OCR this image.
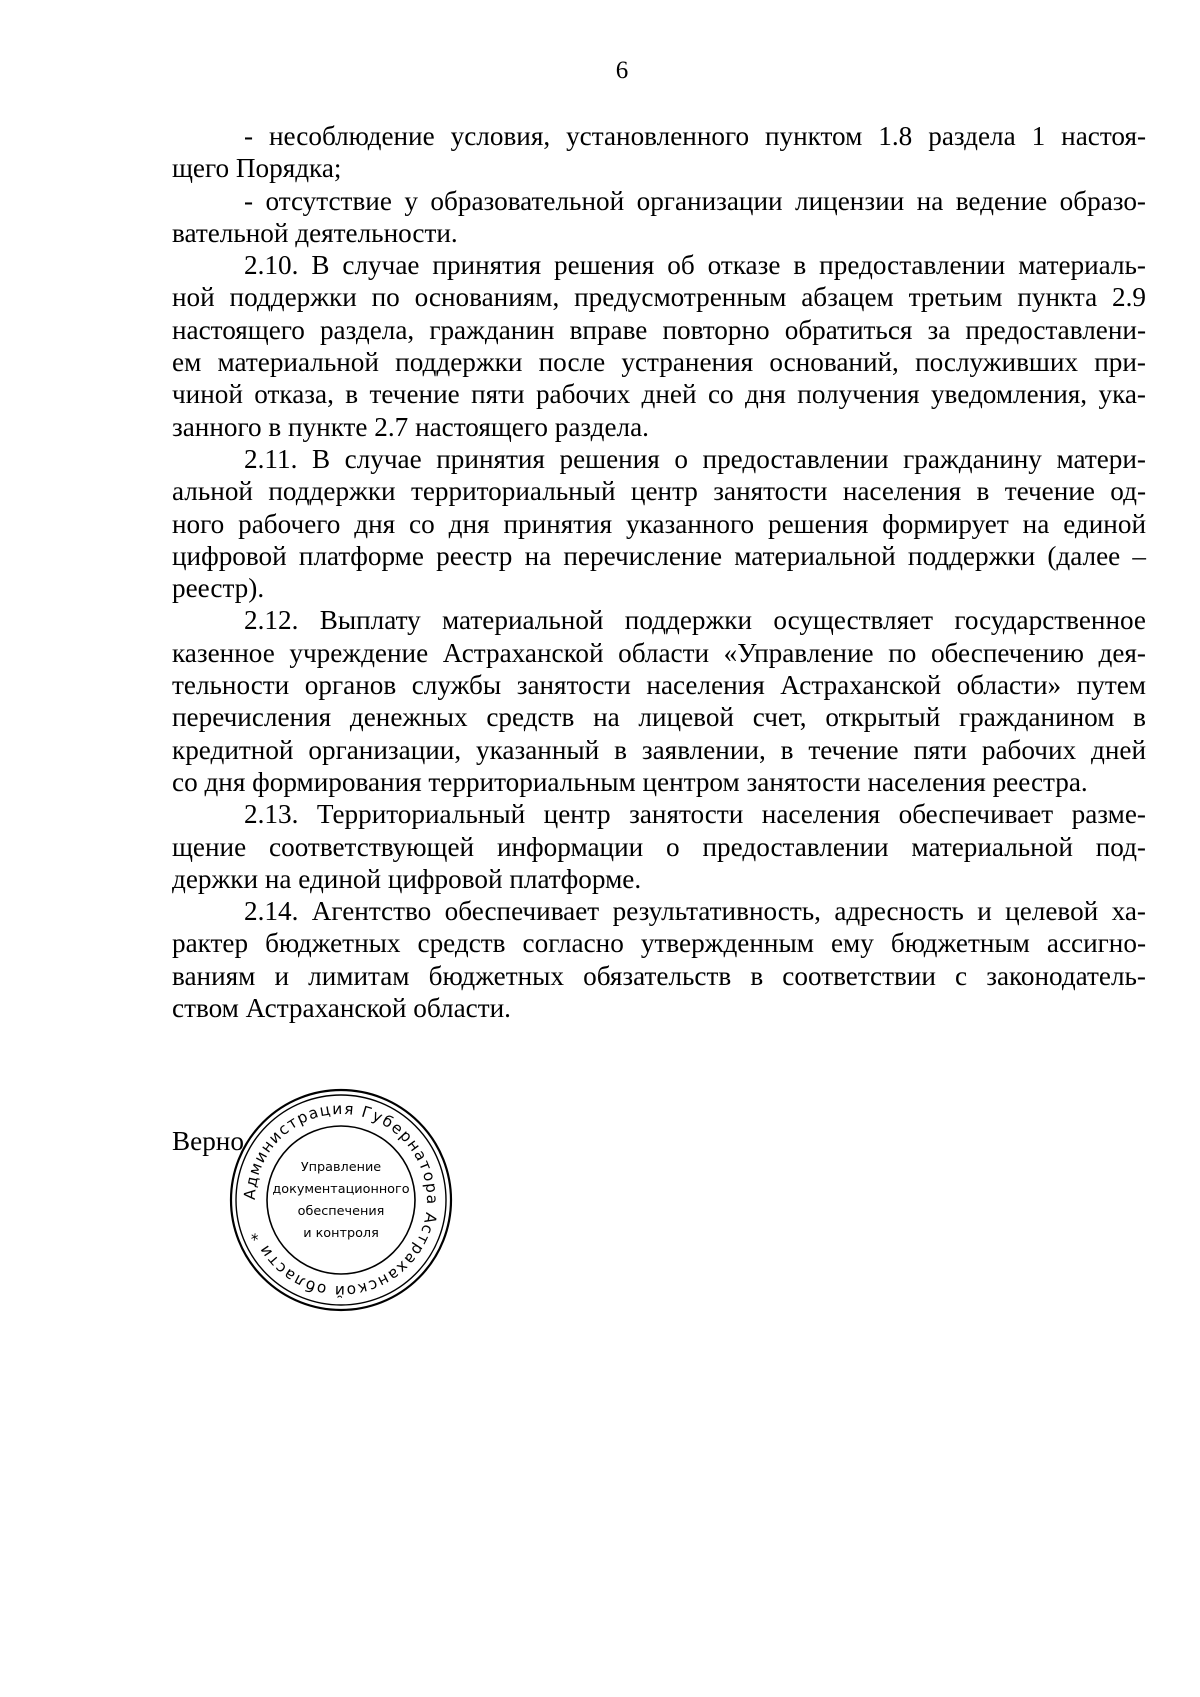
6
- несоблюдение условия, установленного пунктом 1.8 раздела 1 настоя-
щего Порядка;
- отсутствие у образовательной организации лицензии на ведение образо-
вательной деятельности.
2.10. В случае принятия решения об отказе в предоставлении материаль-
ной поддержки по основаниям, предусмотренным абзацем третьим пункта 2.9
настоящего раздела, гражданин вправе повторно обратиться за предоставлени-
ем материальной поддержки после устранения оснований, послуживших при-
чиной отказа, в течение пяти рабочих дней со дня получения уведомления, ука-
занного в пункте 2.7 настоящего раздела.
2.11. В случае принятия решения о предоставлении гражданину матери-
альной поддержки территориальный центр занятости населения в течение од-
ного рабочего дня со дня принятия указанного решения формирует на единой
цифровой платформе реестр на перечисление материальной поддержки (далее –
реестр).
2.12. Выплату материальной поддержки осуществляет государственное
казенное учреждение Астраханской области «Управление по обеспечению дея-
тельности органов службы занятости населения Астраханской области» путем
перечисления денежных средств на лицевой счет, открытый гражданином в
кредитной организации, указанный в заявлении, в течение пяти рабочих дней
со дня формирования территориальным центром занятости населения реестра.
2.13. Территориальный центр занятости населения обеспечивает разме-
щение соответствующей информации о предоставлении материальной под-
держки на единой цифровой платформе.
2.14. Агентство обеспечивает результативность, адресность и целевой ха-
рактер бюджетных средств согласно утвержденным ему бюджетным ассигно-
ваниям и лимитам бюджетных обязательств в соответствии с законодатель-
ством Астраханской области.
Верно
Администрация Губернатора Астраханской области *
Управление
документационного
обеспечения
и контроля
